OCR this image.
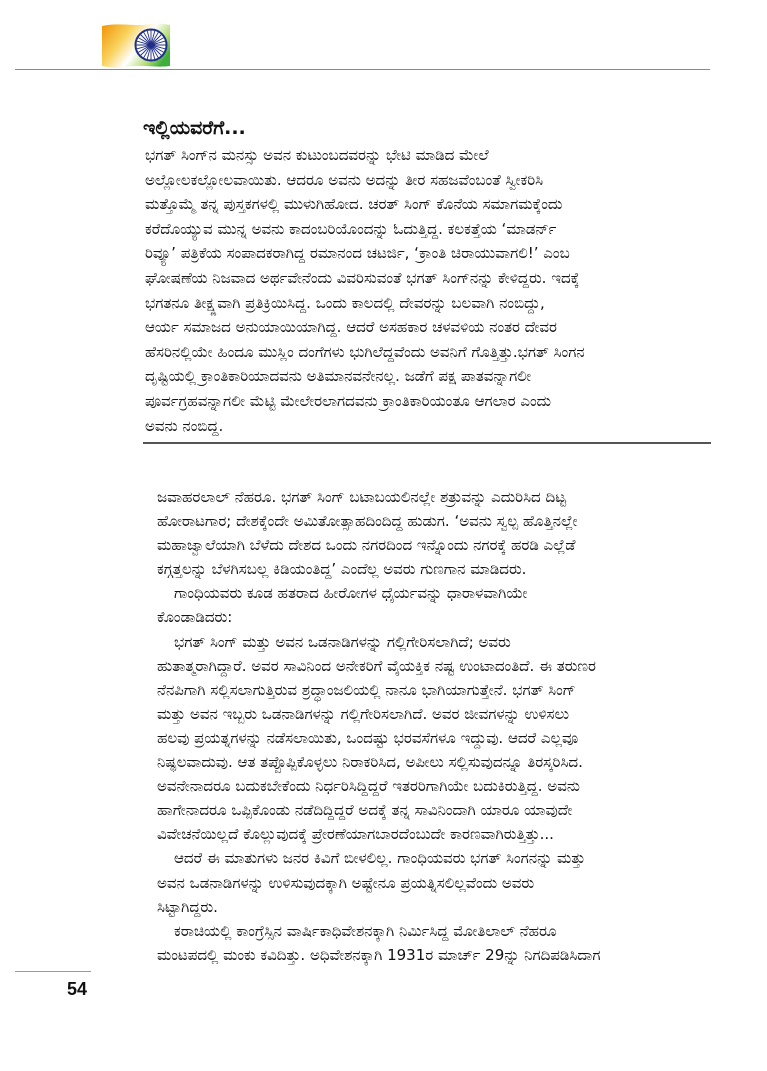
ಇಲ್ಲಿಯವರೆಗೆ...
ಭಗತ್ ಸಿಂಗ್‌ನ ಮನಸ್ಸು ಅವನ ಕುಟುಂಬದವರನ್ನು ಭೇಟಿ ಮಾಡಿದ ಮೇಲೆ
ಅಲ್ಲೋಲಕಲ್ಲೋಲವಾಯಿತು. ಆದರೂ ಅವನು ಅದನ್ನು ತೀರ ಸಹಜವೆಂಬಂತೆ ಸ್ವೀಕರಿಸಿ
ಮತ್ತೊಮ್ಮೆ ತನ್ನ ಪುಸ್ತಕಗಳಲ್ಲಿ ಮುಳುಗಿಹೋದ. ಚರತ್ ಸಿಂಗ್ ಕೊನೆಯ ಸಮಾಗಮಕ್ಕೆಂದು
ಕರೆದೊಯ್ಯುವ ಮುನ್ನ ಅವನು ಕಾದಂಬರಿಯೊಂದನ್ನು ಓದುತ್ತಿದ್ದ. ಕಲಕತ್ತೆಯ ‘ಮಾಡರ್ನ್
ರಿವ್ಯೂ’ ಪತ್ರಿಕೆಯ ಸಂಪಾದಕರಾಗಿದ್ದ ರಮಾನಂದ ಚಟರ್ಜಿ, ‘ಕ್ರಾಂತಿ ಚಿರಾಯುವಾಗಲಿ!’ ಎಂಬ
ಘೋಷಣೆಯ ನಿಜವಾದ ಅರ್ಥವೇನೆಂದು ವಿವರಿಸುವಂತೆ ಭಗತ್ ಸಿಂಗ್‌ನನ್ನು ಕೇಳಿದ್ದರು. ಇದಕ್ಕೆ
ಭಗತನೂ ತೀಕ್ಷ್ಣವಾಗಿ ಪ್ರತಿಕ್ರಿಯಿಸಿದ್ದ. ಒಂದು ಕಾಲದಲ್ಲಿ ದೇವರನ್ನು ಬಲವಾಗಿ ನಂಬಿದ್ದು,
ಆರ್ಯ ಸಮಾಜದ ಅನುಯಾಯಿಯಾಗಿದ್ದ. ಆದರೆ ಅಸಹಕಾರ ಚಳವಳಿಯ ನಂತರ ದೇವರ
ಹೆಸರಿನಲ್ಲಿಯೇ ಹಿಂದೂ ಮುಸ್ಲಿಂ ದಂಗೆಗಳು ಭುಗಿಲೆದ್ದವೆಂದು ಅವನಿಗೆ ಗೊತ್ತಿತ್ತು.ಭಗತ್ ಸಿಂಗನ
ದೃಷ್ಟಿಯಲ್ಲಿ ಕ್ರಾಂತಿಕಾರಿಯಾದವನು ಅತಿಮಾನವನೇನಲ್ಲ. ಜಡೆಗೆ ಪಕ್ಷ ಪಾತವನ್ನಾಗಲೀ
ಪೂರ್ವಗ್ರಹವನ್ನಾಗಲೀ ಮೆಟ್ಟಿ ಮೇಲೇರಲಾಗದವನು ಕ್ರಾಂತಿಕಾರಿಯಂತೂ ಆಗಲಾರ ಎಂದು
ಅವನು ನಂಬಿದ್ದ.
ಜವಾಹರಲಾಲ್ ನೆಹರೂ. ಭಗತ್ ಸಿಂಗ್ ಬಟಾಬಯಲಿನಲ್ಲೇ ಶತ್ರುವನ್ನು ಎದುರಿಸಿದ ದಿಟ್ಟ
ಹೋರಾಟಗಾರ; ದೇಶಕ್ಕೆಂದೇ ಅಮಿತೋತ್ಸಾಹದಿಂದಿದ್ದ ಹುಡುಗ. ‘ಅವನು ಸ್ವಲ್ಪ ಹೊತ್ತಿನಲ್ಲೇ
ಮಹಾಜ್ವಾಲೆಯಾಗಿ ಬೆಳೆದು ದೇಶದ ಒಂದು ನಗರದಿಂದ ಇನ್ನೊಂದು ನಗರಕ್ಕೆ ಹರಡಿ ಎಲ್ಲೆಡೆ
ಕಗ್ಗತ್ತಲನ್ನು ಬೆಳಗಿಸಬಲ್ಲ ಕಿಡಿಯಂತಿದ್ದ’ ಎಂದೆಲ್ಲ ಅವರು ಗುಣಗಾನ ಮಾಡಿದರು.
ಗಾಂಧಿಯವರು ಕೂಡ ಹತರಾದ ಹೀರೋಗಳ ಧೈರ್ಯವನ್ನು ಧಾರಾಳವಾಗಿಯೇ
ಕೊಂಡಾಡಿದರು:
ಭಗತ್ ಸಿಂಗ್ ಮತ್ತು ಅವನ ಒಡನಾಡಿಗಳನ್ನು ಗಲ್ಲಿಗೇರಿಸಲಾಗಿದೆ; ಅವರು
ಹುತಾತ್ಮರಾಗಿದ್ದಾರೆ. ಅವರ ಸಾವಿನಿಂದ ಅನೇಕರಿಗೆ ವೈಯಕ್ತಿಕ ನಷ್ಟ ಉಂಟಾದಂತಿದೆ. ಈ ತರುಣರ
ನೆನಪಿಗಾಗಿ ಸಲ್ಲಿಸಲಾಗುತ್ತಿರುವ ಶ್ರದ್ಧಾಂಜಲಿಯಲ್ಲಿ ನಾನೂ ಭಾಗಿಯಾಗುತ್ತೇನೆ. ಭಗತ್ ಸಿಂಗ್
ಮತ್ತು ಅವನ ಇಬ್ಬರು ಒಡನಾಡಿಗಳನ್ನು ಗಲ್ಲಿಗೇರಿಸಲಾಗಿದೆ. ಅವರ ಜೀವಗಳನ್ನು ಉಳಿಸಲು
ಹಲವು ಪ್ರಯತ್ನಗಳನ್ನು ನಡೆಸಲಾಯಿತು, ಒಂದಷ್ಟು ಭರವಸೆಗಳೂ ಇದ್ದುವು. ಆದರೆ ಎಲ್ಲವೂ
ನಿಷ್ಫಲವಾದುವು. ಆತ ತಪ್ಪೊಪ್ಪಿಕೊಳ್ಳಲು ನಿರಾಕರಿಸಿದ, ಅಪೀಲು ಸಲ್ಲಿಸುವುದನ್ನೂ ತಿರಸ್ಕರಿಸಿದ.
ಅವನೇನಾದರೂ ಬದುಕಬೇಕೆಂದು ನಿರ್ಧರಿಸಿದ್ದಿದ್ದರೆ ಇತರರಿಗಾಗಿಯೇ ಬದುಕಿರುತ್ತಿದ್ದ. ಅವನು
ಹಾಗೇನಾದರೂ ಒಪ್ಪಿಕೊಂಡು ನಡೆದಿದ್ದಿದ್ದರೆ ಅದಕ್ಕೆ ತನ್ನ ಸಾವಿನಿಂದಾಗಿ ಯಾರೂ ಯಾವುದೇ
ವಿವೇಚನೆಯಿಲ್ಲದೆ ಕೊಲ್ಲುವುದಕ್ಕೆ ಪ್ರೇರಣೆಯಾಗಬಾರದೆಂಬುದೇ ಕಾರಣವಾಗಿರುತ್ತಿತ್ತು...
ಆದರೆ ಈ ಮಾತುಗಳು ಜನರ ಕಿವಿಗೆ ಬೀಳಲಿಲ್ಲ. ಗಾಂಧಿಯವರು ಭಗತ್ ಸಿಂಗನನ್ನು ಮತ್ತು
ಅವನ ಒಡನಾಡಿಗಳನ್ನು ಉಳಿಸುವುದಕ್ಕಾಗಿ ಅಷ್ಟೇನೂ ಪ್ರಯತ್ನಿಸಲಿಲ್ಲವೆಂದು ಅವರು
ಸಿಟ್ಟಾಗಿದ್ದರು.
ಕರಾಚಿಯಲ್ಲಿ ಕಾಂಗ್ರೆಸ್ಸಿನ ವಾರ್ಷಿಕಾಧಿವೇಶನಕ್ಕಾಗಿ ನಿರ್ಮಿಸಿದ್ದ ಮೋತಿಲಾಲ್ ನೆಹರೂ
ಮಂಟಪದಲ್ಲಿ ಮಂಕು ಕವಿದಿತ್ತು. ಅಧಿವೇಶನಕ್ಕಾಗಿ 1931ರ ಮಾರ್ಚ್ 29ನ್ನು ನಿಗದಿಪಡಿಸಿದಾಗ
54
